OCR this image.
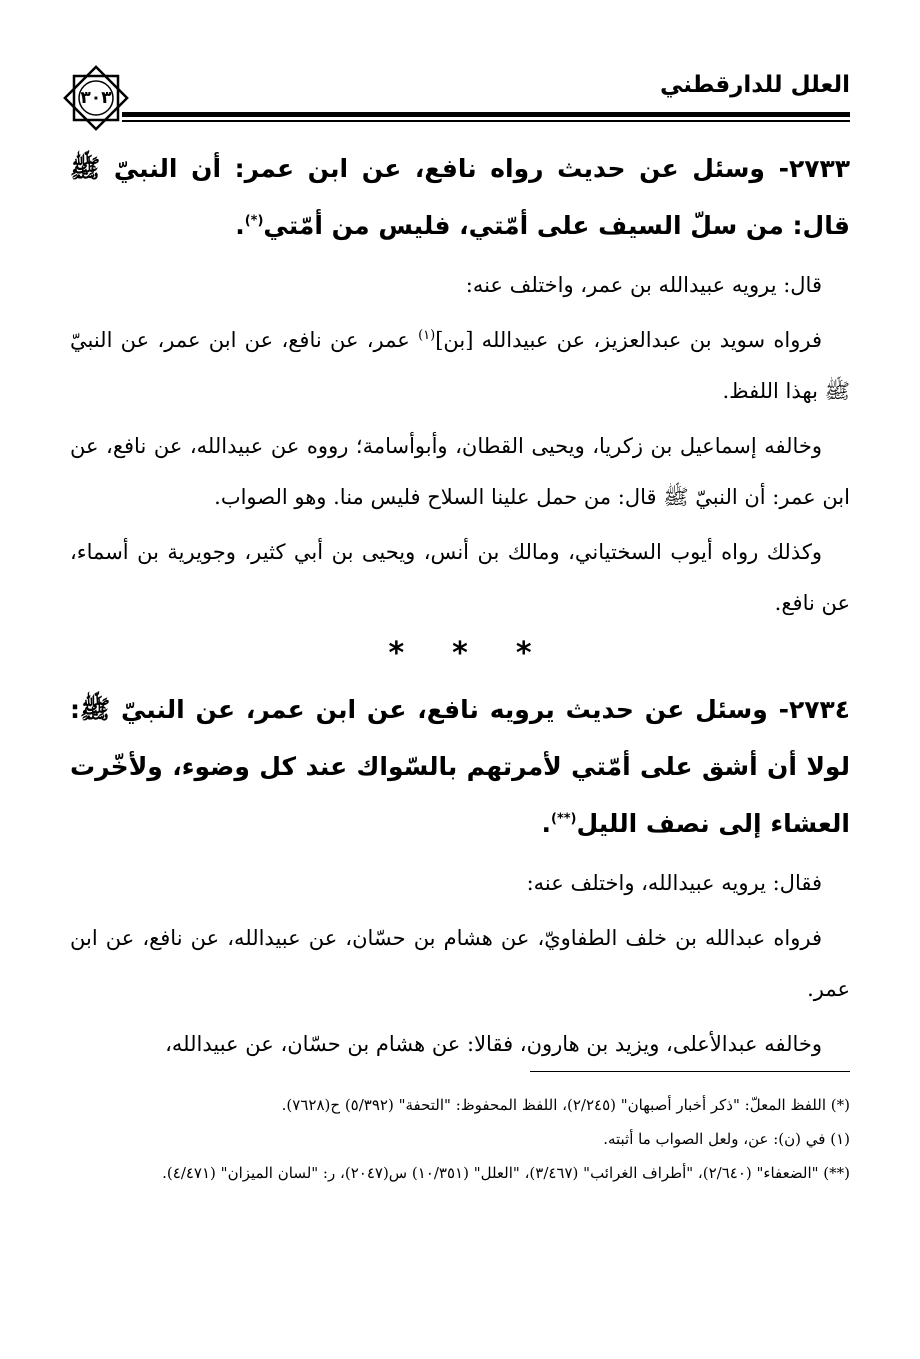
العلل للدارقطني
٣٠٣

٢٧٣٣- وسئل عن حديث رواه نافع، عن ابن عمر: أن النبيّ ﷺ قال: من سلّ السيف على أمّتي، فليس من أمّتي(*).

قال: يرويه عبيدالله بن عمر، واختلف عنه:

فرواه سويد بن عبدالعزيز، عن عبيدالله [بن]$^{(١)}$ عمر، عن نافع، عن ابن عمر، عن النبيّ ﷺ بهذا اللفظ.

وخالفه إسماعيل بن زكريا، ويحيى القطان، وأبوأسامة؛ رووه عن عبيدالله، عن نافع، عن ابن عمر: أن النبيّ ﷺ قال: من حمل علينا السلاح فليس منا. وهو الصواب.

وكذلك رواه أيوب السختياني، ومالك بن أنس، ويحيى بن أبي كثير، وجويرية بن أسماء، عن نافع.

* * *

٢٧٣٤- وسئل عن حديث يرويه نافع، عن ابن عمر، عن النبيّ ﷺ: لولا أن أشق على أمّتي لأمرتهم بالسّواك عند كل وضوء، ولأخّرت العشاء إلى نصف الليل(**).

فقال: يرويه عبيدالله، واختلف عنه:

فرواه عبدالله بن خلف الطفاويّ، عن هشام بن حسّان، عن عبيدالله، عن نافع، عن ابن عمر.

وخالفه عبدالأعلى، ويزيد بن هارون، فقالا: عن هشام بن حسّان، عن عبيدالله،

(*) اللفظ المعلّ: "ذكر أخبار أصبهان" (٢/٢٤٥)، اللفظ المحفوظ: "التحفة" (٥/٣٩٢) ح(٧٦٢٨).

(١) في (ن): عن، ولعل الصواب ما أثبته.

(**) "الضعفاء" (٢/٦٤٠)، "أطراف الغرائب" (٣/٤٦٧)، "العلل" (١٠/٣٥١) س(٢٠٤٧)، ر: "لسان الميزان" (٤/٤٧١).
